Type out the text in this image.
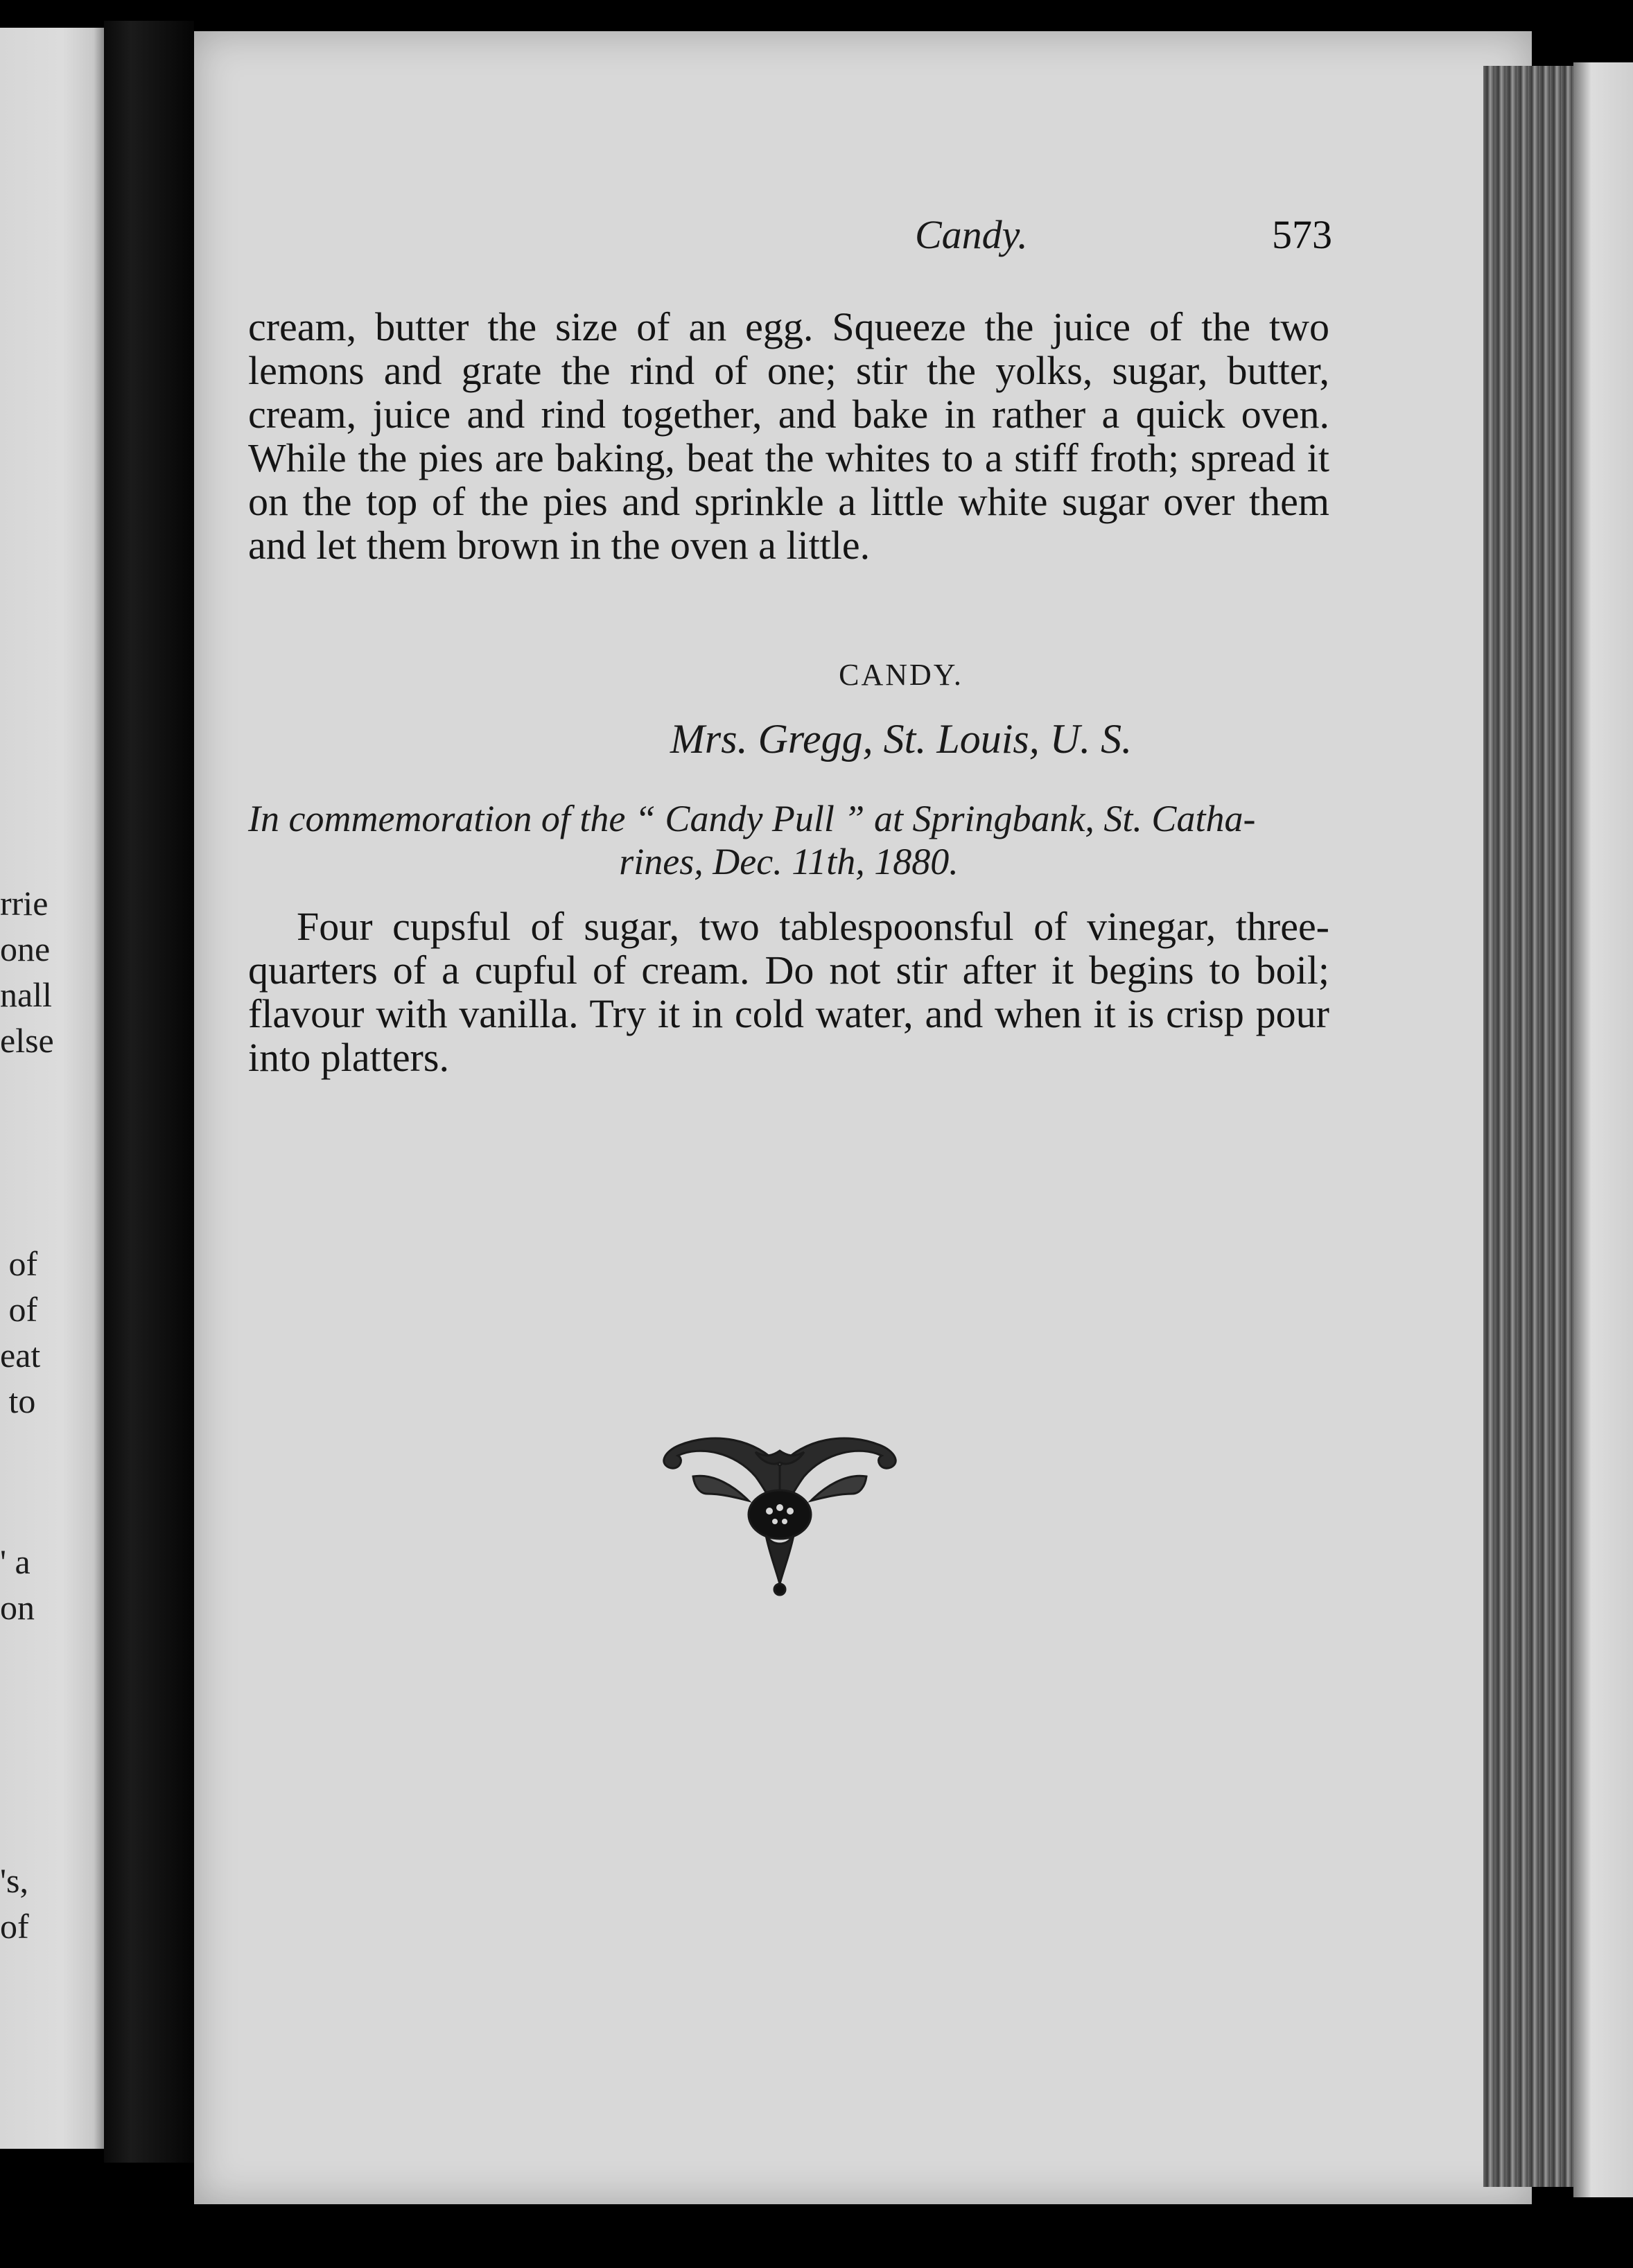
rrie
one
nall
else
of
of
eat
to
' a
on
's,
of
Candy.	573
cream, butter the size of an egg. Squeeze the juice of the two lemons and grate the rind of one; stir the yolks, sugar, butter, cream, juice and rind together, and bake in rather a quick oven. While the pies are baking, beat the whites to a stiff froth; spread it on the top of the pies and sprinkle a little white sugar over them and let them brown in the oven a little.
CANDY.
Mrs. Gregg, St. Louis, U. S.
In commemoration of the “ Candy Pull ” at Springbank, St. Catha-
rines, Dec. 11th, 1880.
Four cupsful of sugar, two tablespoonsful of vinegar, three-quarters of a cupful of cream. Do not stir after it begins to boil; flavour with vanilla. Try it in cold water, and when it is crisp pour into platters.
